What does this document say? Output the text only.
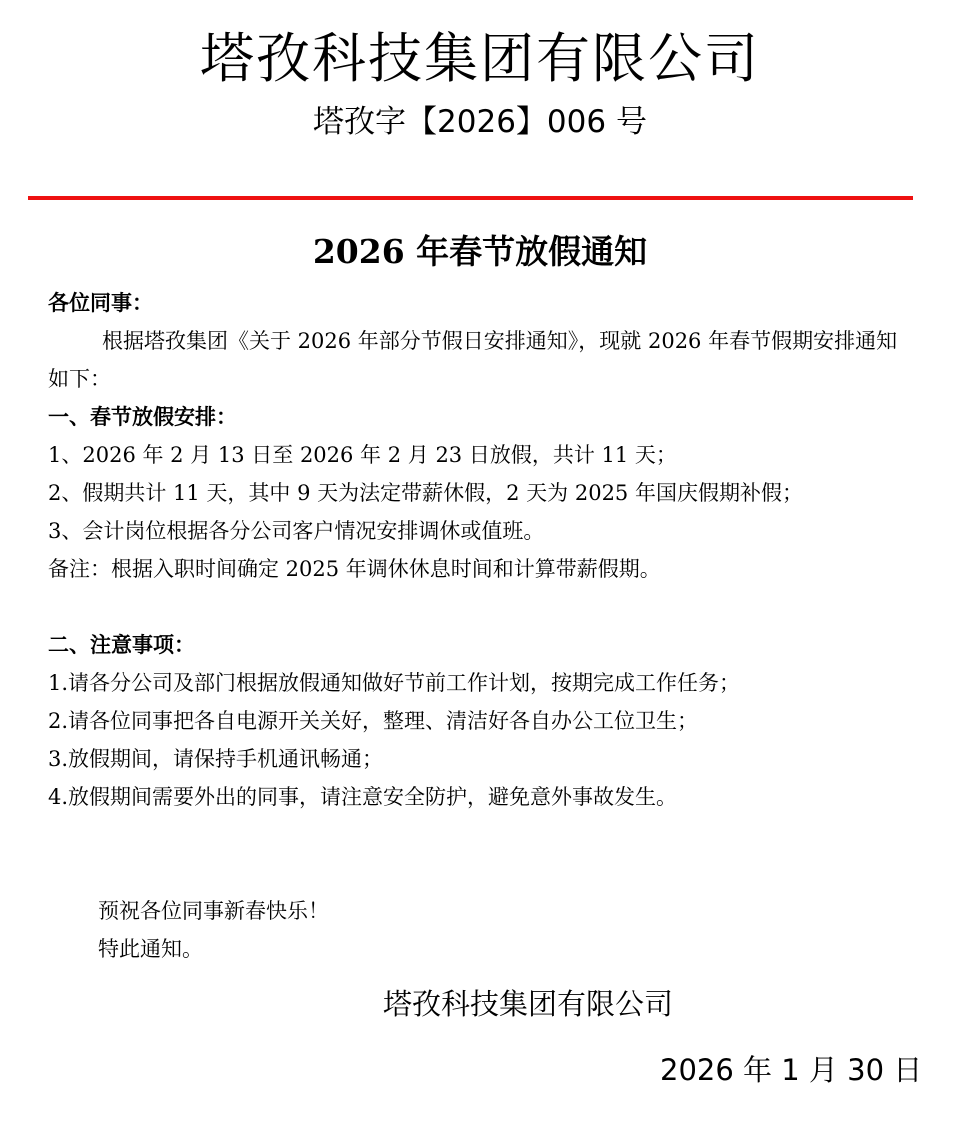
塔孜科技集团有限公司
塔孜字【2026】006 号
2026 年春节放假通知

各位同事：

根据塔孜集团《关于 2026 年部分节假日安排通知》，现就 2026 年春节假期安排通知如下：

一、春节放假安排：

1、2026 年 2 月 13 日至 2026 年 2 月 23 日放假，共计 11 天；

2、假期共计 11 天，其中 9 天为法定带薪休假，2 天为 2025 年国庆假期补假；

3、会计岗位根据各分公司客户情况安排调休或值班。

备注：根据入职时间确定 2025 年调休休息时间和计算带薪假期。

二、注意事项：

1.请各分公司及部门根据放假通知做好节前工作计划，按期完成工作任务；

2.请各位同事把各自电源开关关好，整理、清洁好各自办公工位卫生；

3.放假期间，请保持手机通讯畅通；

4.放假期间需要外出的同事，请注意安全防护，避免意外事故发生。

预祝各位同事新春快乐！

特此通知。

塔孜科技集团有限公司
2026 年 1 月 30 日
